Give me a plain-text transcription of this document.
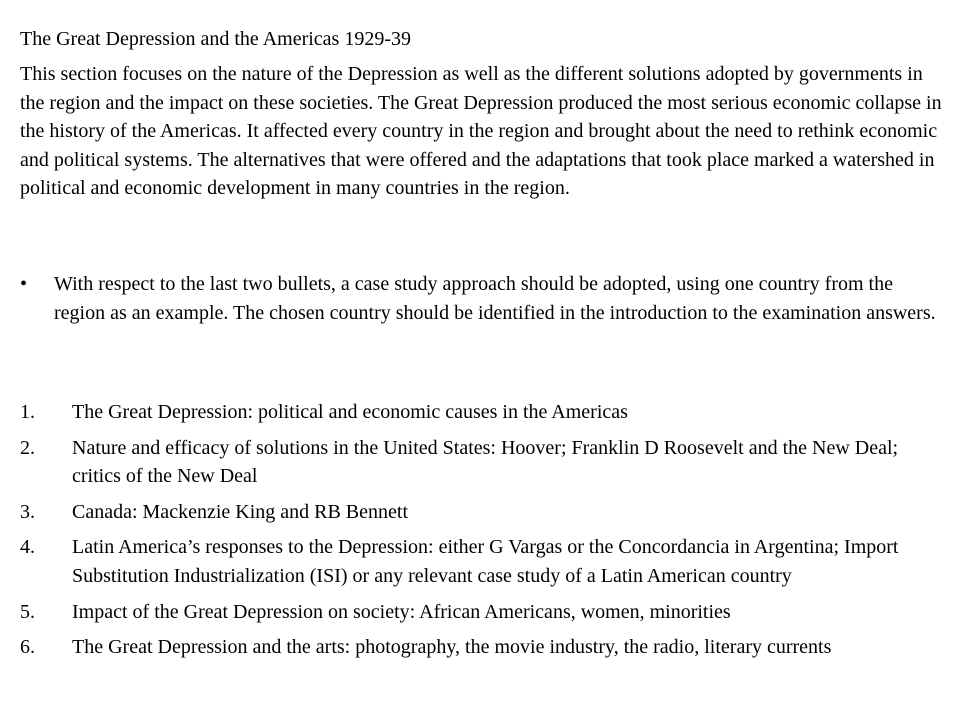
The Great Depression and the Americas 1929-39

This section focuses on the nature of the Depression as well as the different solutions adopted by governments in the region and the impact on these societies. The Great Depression produced the most serious economic collapse in the history of the Americas. It affected every country in the region and brought about the need to rethink economic and political systems. The alternatives that were offered and the adaptations that took place marked a watershed in political and economic development in many countries in the region.

•	With respect to the last two bullets, a case study approach should be adopted, using one country from the region as an example. The chosen country should be identified in the introduction to the examination answers.
1.	The Great Depression: political and economic causes in the Americas
2.	Nature and efficacy of solutions in the United States: Hoover; Franklin D Roosevelt and the New Deal; critics of the New Deal
3.	Canada: Mackenzie King and RB Bennett
4.	Latin America’s responses to the Depression: either G Vargas or the Concordancia in Argentina; Import Substitution Industrialization (ISI) or any relevant case study of a Latin American country
5.	Impact of the Great Depression on society: African Americans, women, minorities
6.	The Great Depression and the arts: photography, the movie industry, the radio, literary currents
